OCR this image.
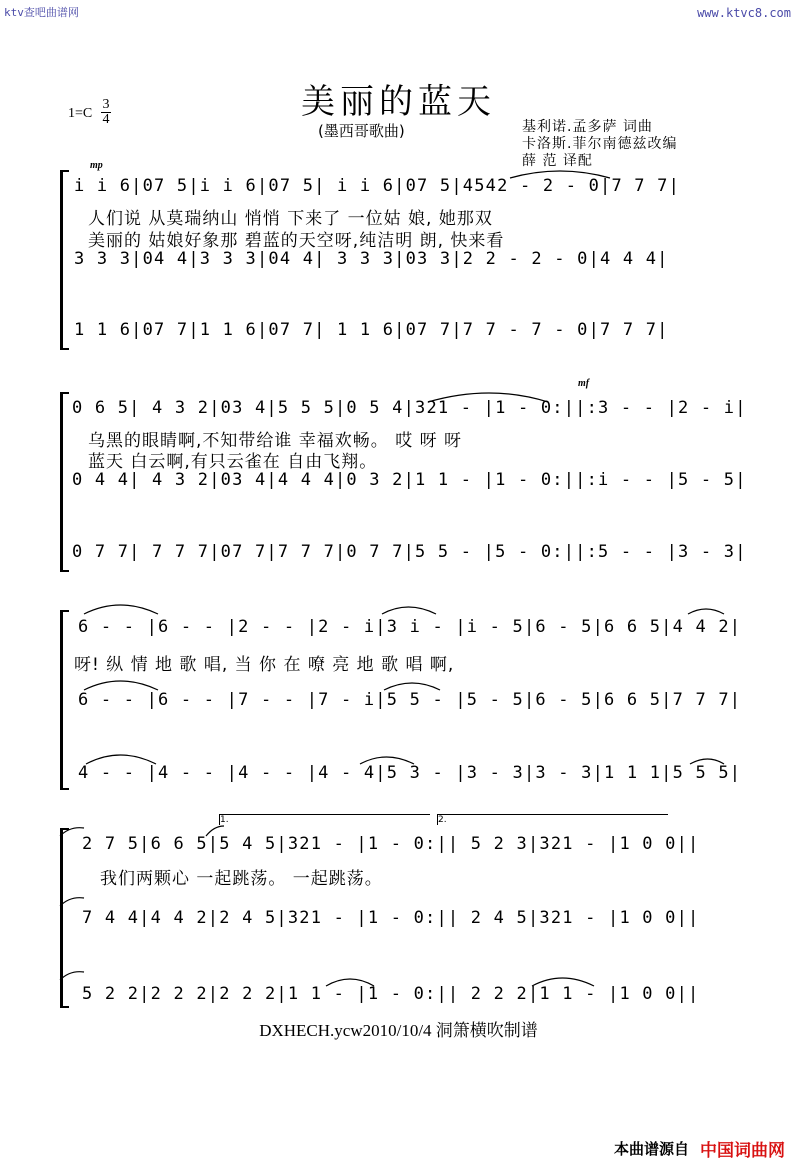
ktv查吧曲谱网	www.ktvc8.com
美丽的蓝天
(墨西哥歌曲)
1=C
3
4	基利诺.孟多萨 词曲
卡洛斯.菲尔南德兹改编
薛 范 译配
mp
i i 6|07 5|i i 6|07 5| i i 6|07 5|4542 - 2 - 0|7 7 7|
人们说 从莫瑞纳山 悄悄 下来了 一位姑 娘, 她那双
美丽的 姑娘好象那 碧蓝的天空呀,纯洁明 朗, 快来看
3 3 3|04 4|3 3 3|04 4| 3 3 3|03 3|2 2 - 2 - 0|4 4 4|
1 1 6|07 7|1 1 6|07 7| 1 1 6|07 7|7 7 - 7 - 0|7 7 7|
mf
0 6 5| 4 3 2|03 4|5 5 5|0 5 4|321 - |1 - 0:||:3 - - |2 - i|
乌黑的眼睛啊,不知带给谁 幸福欢畅。 哎 呀 呀
蓝天 白云啊,有只云雀在 自由飞翔。
0 4 4| 4 3 2|03 4|4 4 4|0 3 2|1 1 - |1 - 0:||:i - - |5 - 5|
0 7 7| 7 7 7|07 7|7 7 7|0 7 7|5 5 - |5 - 0:||:5 - - |3 - 3|
6 - - |6 - - |2 - - |2 - i|3 i - |i - 5|6 - 5|6 6 5|4 4 2|
呀! 纵 情 地 歌 唱, 当 你 在 嘹 亮 地 歌 唱 啊,
6 - - |6 - - |7 - - |7 - i|5 5 - |5 - 5|6 - 5|6 6 5|7 7 7|
4 - - |4 - - |4 - - |4 - 4|5 3 - |3 - 3|3 - 3|1 1 1|5 5 5|
1.	2.
2 7 5|6 6 5|5 4 5|321 - |1 - 0:|| 5 2 3|321 - |1 0 0||
我们两颗心 一起跳荡。 一起跳荡。
7 4 4|4 4 2|2 4 5|321 - |1 - 0:|| 2 4 5|321 - |1 0 0||
5 2 2|2 2 2|2 2 2|1 1 - |1 - 0:|| 2 2 2|1 1 - |1 0 0||
DXHECH.ycw2010/10/4 洞箫横吹制谱
本曲谱源自 中国词曲网
